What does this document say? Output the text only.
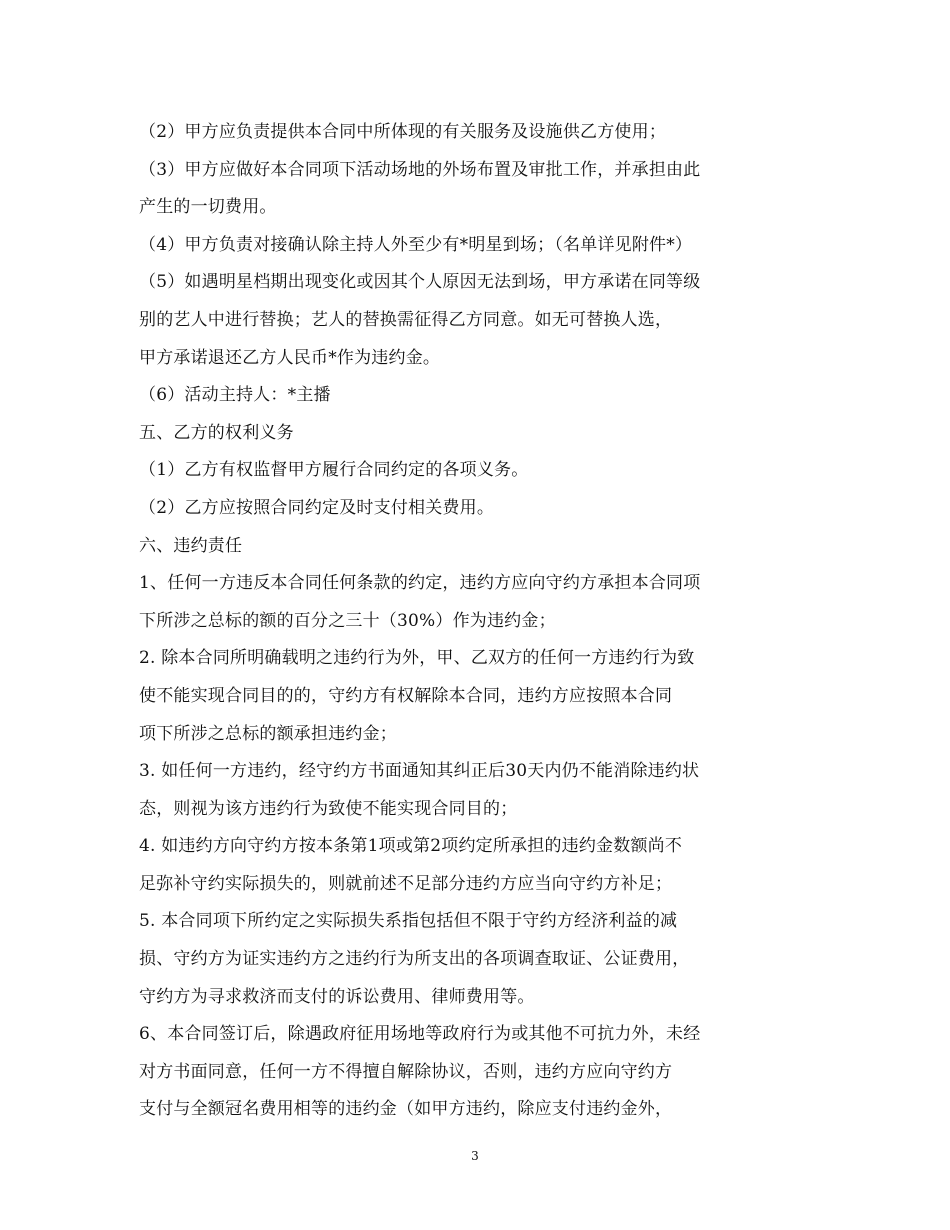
（2）甲方应负责提供本合同中所体现的有关服务及设施供乙方使用；
（3）甲方应做好本合同项下活动场地的外场布置及审批工作，并承担由此
产生的一切费用。
（4）甲方负责对接确认除主持人外至少有*明星到场；（名单详见附件*）
（5）如遇明星档期出现变化或因其个人原因无法到场，甲方承诺在同等级
别的艺人中进行替换；艺人的替换需征得乙方同意。如无可替换人选，
甲方承诺退还乙方人民币*作为违约金。
（6）活动主持人：*主播
五、乙方的权利义务
（1）乙方有权监督甲方履行合同约定的各项义务。
（2）乙方应按照合同约定及时支付相关费用。
六、违约责任
1、任何一方违反本合同任何条款的约定，违约方应向守约方承担本合同项
下所涉之总标的额的百分之三十（30%）作为违约金；
2. 除本合同所明确载明之违约行为外，甲、乙双方的任何一方违约行为致
使不能实现合同目的的，守约方有权解除本合同，违约方应按照本合同
项下所涉之总标的额承担违约金；
3. 如任何一方违约，经守约方书面通知其纠正后30天内仍不能消除违约状
态，则视为该方违约行为致使不能实现合同目的；
4. 如违约方向守约方按本条第1项或第2项约定所承担的违约金数额尚不
足弥补守约实际损失的，则就前述不足部分违约方应当向守约方补足；
5. 本合同项下所约定之实际损失系指包括但不限于守约方经济利益的减
损、守约方为证实违约方之违约行为所支出的各项调查取证、公证费用，
守约方为寻求救济而支付的诉讼费用、律师费用等。
6、本合同签订后，除遇政府征用场地等政府行为或其他不可抗力外，未经
对方书面同意，任何一方不得擅自解除协议，否则，违约方应向守约方
支付与全额冠名费用相等的违约金（如甲方违约，除应支付违约金外，
3
